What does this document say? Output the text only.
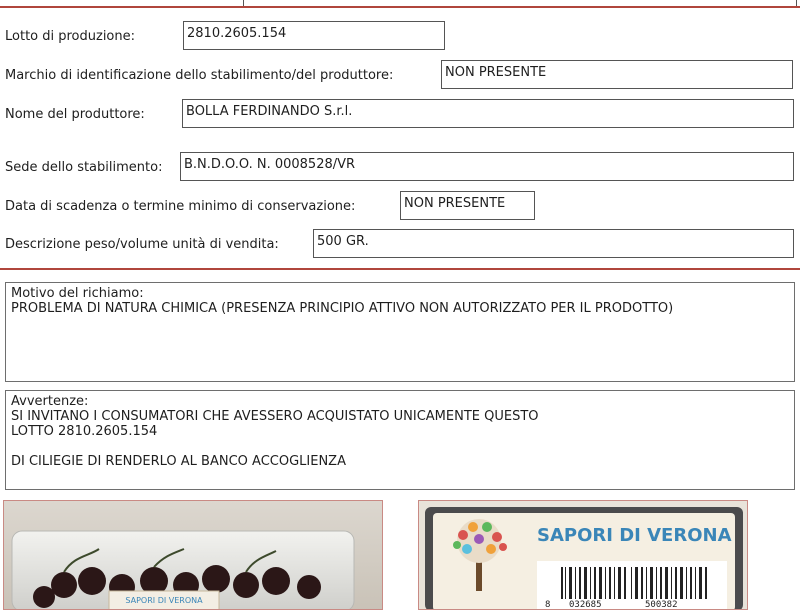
Lotto di produzione:	2810.2605.154
Marchio di identificazione dello stabilimento/del produttore:	NON PRESENTE
Nome del produttore:	BOLLA FERDINANDO S.r.l.
Sede dello stabilimento:	B.N.D.O.O. N. 0008528/VR
Data di scadenza o termine minimo di conservazione:	NON PRESENTE
Descrizione peso/volume unità di vendita:	500 GR.
Motivo del richiamo:
PROBLEMA DI NATURA CHIMICA (PRESENZA PRINCIPIO ATTIVO NON AUTORIZZATO PER IL PRODOTTO)
Avvertenze:
SI INVITANO I CONSUMATORI CHE AVESSERO ACQUISTATO UNICAMENTE QUESTO
LOTTO 2810.2605.154

DI CILIEGIE DI RENDERLO AL BANCO ACCOGLIENZA
SAPORI DI VERONA
SAPORI DI VERONA
8 032685	500382
